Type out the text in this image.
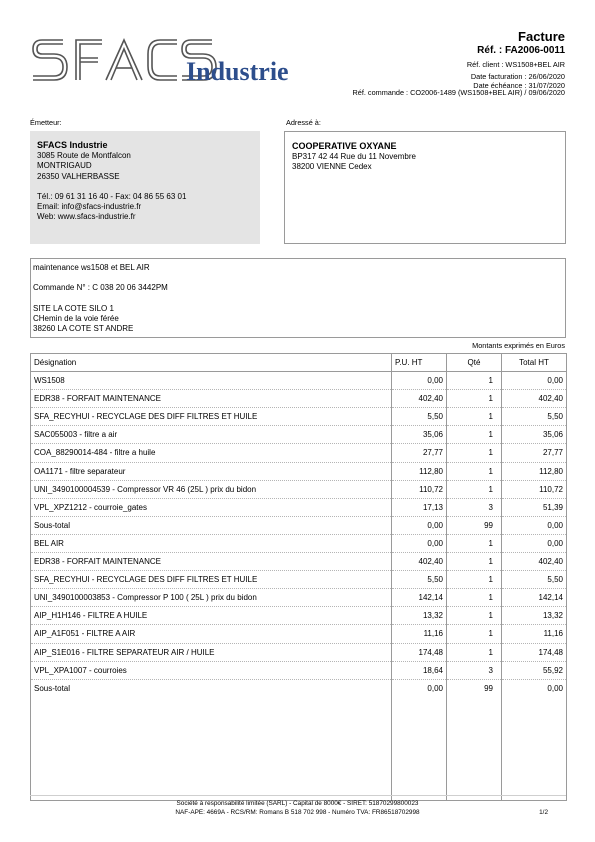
Industrie
Facture
Réf. : FA2006-0011
Réf. client : WS1508+BEL AIR
Date facturation : 26/06/2020
Date échéance : 31/07/2020
Réf. commande : CO2006-1489 (WS1508+BEL AIR) / 09/06/2020
Émetteur:	Adressé à:
SFACS Industrie
3085 Route de Montfalcon
MONTRIGAUD
26350 VALHERBASSE
Tél.: 09 61 31 16 40 - Fax: 04 86 55 63 01
Email: info@sfacs-industrie.fr
Web: www.sfacs-industrie.fr
COOPERATIVE OXYANE
BP317 42 44 Rue du 11 Novembre
38200 VIENNE Cedex
maintenance ws1508 et BEL AIR
Commande N° : C 038 20 06 3442PM
SITE LA COTE SILO 1
CHemin de la voie férée
38260 LA COTE ST ANDRE
Montants exprimés en Euros
Désignation	P.U. HT	Qté	Total HT
WS1508	0,00	1	0,00
EDR38 - FORFAIT MAINTENANCE	402,40	1	402,40
SFA_RECYHUI - RECYCLAGE DES DIFF FILTRES ET HUILE	5,50	1	5,50
SAC055003 - filtre a air	35,06	1	35,06
COA_88290014-484 - filtre a huile	27,77	1	27,77
OA1171 - filtre separateur	112,80	1	112,80
UNI_3490100004539 - Compressor VR 46 (25L ) prix du bidon	110,72	1	110,72
VPL_XPZ1212 - courroie_gates	17,13	3	51,39
Sous-total	0,00	99	0,00
BEL AIR	0,00	1	0,00
EDR38 - FORFAIT MAINTENANCE	402,40	1	402,40
SFA_RECYHUI - RECYCLAGE DES DIFF FILTRES ET HUILE	5,50	1	5,50
UNI_3490100003853 - Compressor P 100 ( 25L ) prix du bidon	142,14	1	142,14
AIP_H1H146 - FILTRE A HUILE	13,32	1	13,32
AIP_A1F051 - FILTRE A AIR	11,16	1	11,16
AIP_S1E016 - FILTRE SEPARATEUR AIR / HUILE	174,48	1	174,48
VPL_XPA1007 - courroies	18,64	3	55,92
Sous-total	0,00	99	0,00
Société à responsabilité limitée (SARL) - Capital de 8000€ - SIRET: 51870299800023
NAF-APE: 4669A - RCS/RM: Romans B 518 702 998 - Numéro TVA: FR86518702998	1/2
